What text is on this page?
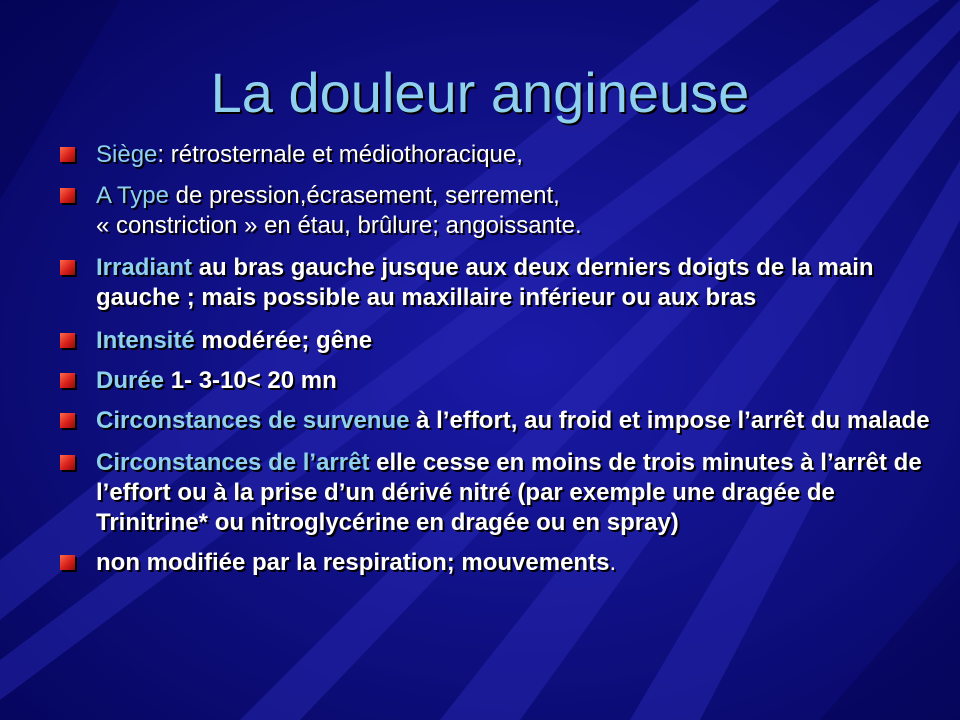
La douleur angineuse
Siège: rétrosternale et médiothoracique,
A Type de pression,écrasement, serrement,
« constriction » en étau, brûlure; angoissante.
Irradiant au bras gauche jusque aux deux derniers doigts de la main gauche ; mais possible au maxillaire inférieur ou aux bras
Intensité modérée; gêne
Durée 1- 3-10< 20 mn
Circonstances de survenue à l’effort, au froid et impose l’arrêt du malade
Circonstances de l’arrêt elle cesse en moins de trois minutes à l’arrêt de l’effort ou à la prise d’un dérivé nitré (par exemple une dragée de Trinitrine* ou nitroglycérine en dragée ou en spray)
non modifiée par la respiration; mouvements.
